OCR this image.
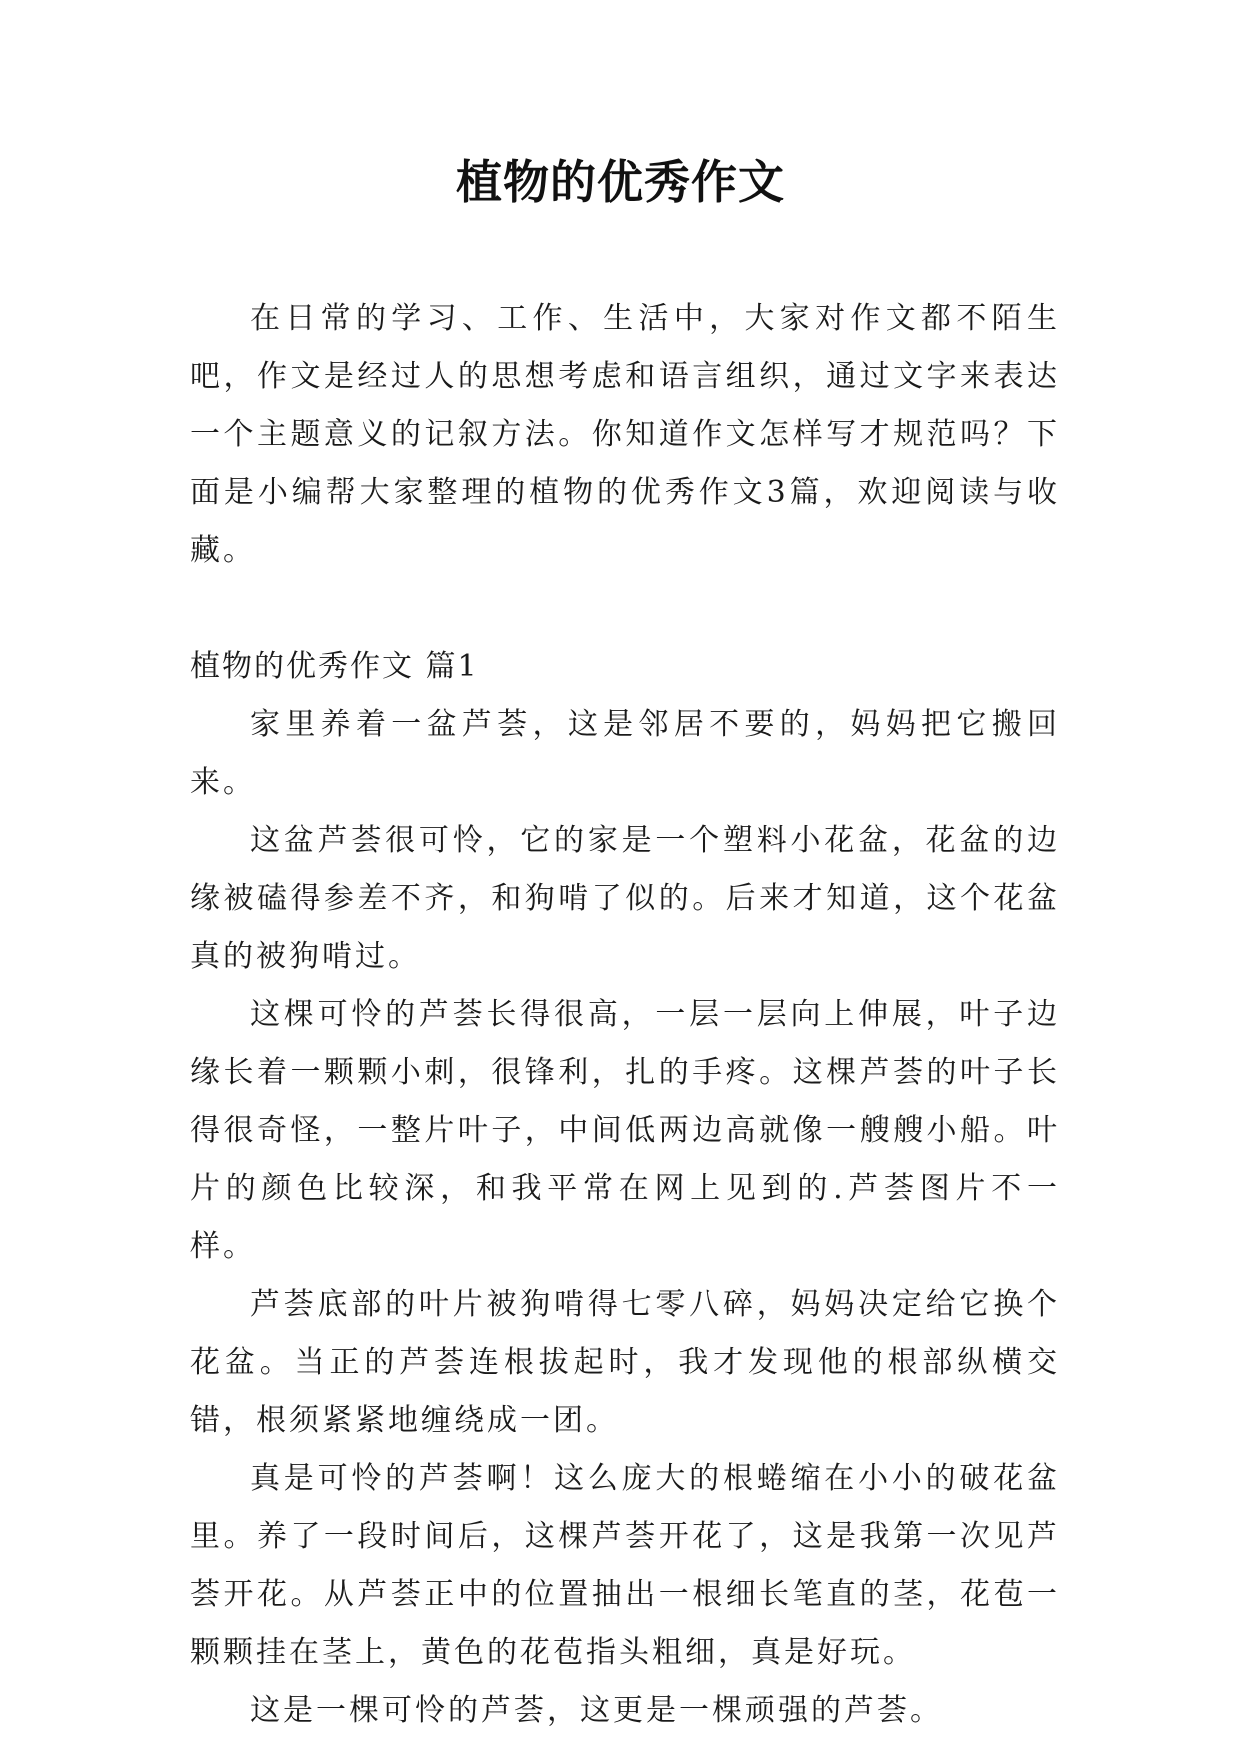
植物的优秀作文

在日常的学习、工作、生活中，大家对作文都不陌生吧，作文是经过人的思想考虑和语言组织，通过文字来表达一个主题意义的记叙方法。你知道作文怎样写才规范吗？下面是小编帮大家整理的植物的优秀作文3篇，欢迎阅读与收藏。

植物的优秀作文 篇1

家里养着一盆芦荟，这是邻居不要的，妈妈把它搬回来。

这盆芦荟很可怜，它的家是一个塑料小花盆，花盆的边缘被磕得参差不齐，和狗啃了似的。后来才知道，这个花盆真的被狗啃过。

这棵可怜的芦荟长得很高，一层一层向上伸展，叶子边缘长着一颗颗小刺，很锋利，扎的手疼。这棵芦荟的叶子长得很奇怪，一整片叶子，中间低两边高就像一艘艘小船。叶片的颜色比较深，和我平常在网上见到的.芦荟图片不一样。

芦荟底部的叶片被狗啃得七零八碎，妈妈决定给它换个花盆。当正的芦荟连根拔起时，我才发现他的根部纵横交错，根须紧紧地缠绕成一团。

真是可怜的芦荟啊！这么庞大的根蜷缩在小小的破花盆里。养了一段时间后，这棵芦荟开花了，这是我第一次见芦荟开花。从芦荟正中的位置抽出一根细长笔直的茎，花苞一颗颗挂在茎上，黄色的花苞指头粗细，真是好玩。

这是一棵可怜的芦荟，这更是一棵顽强的芦荟。
